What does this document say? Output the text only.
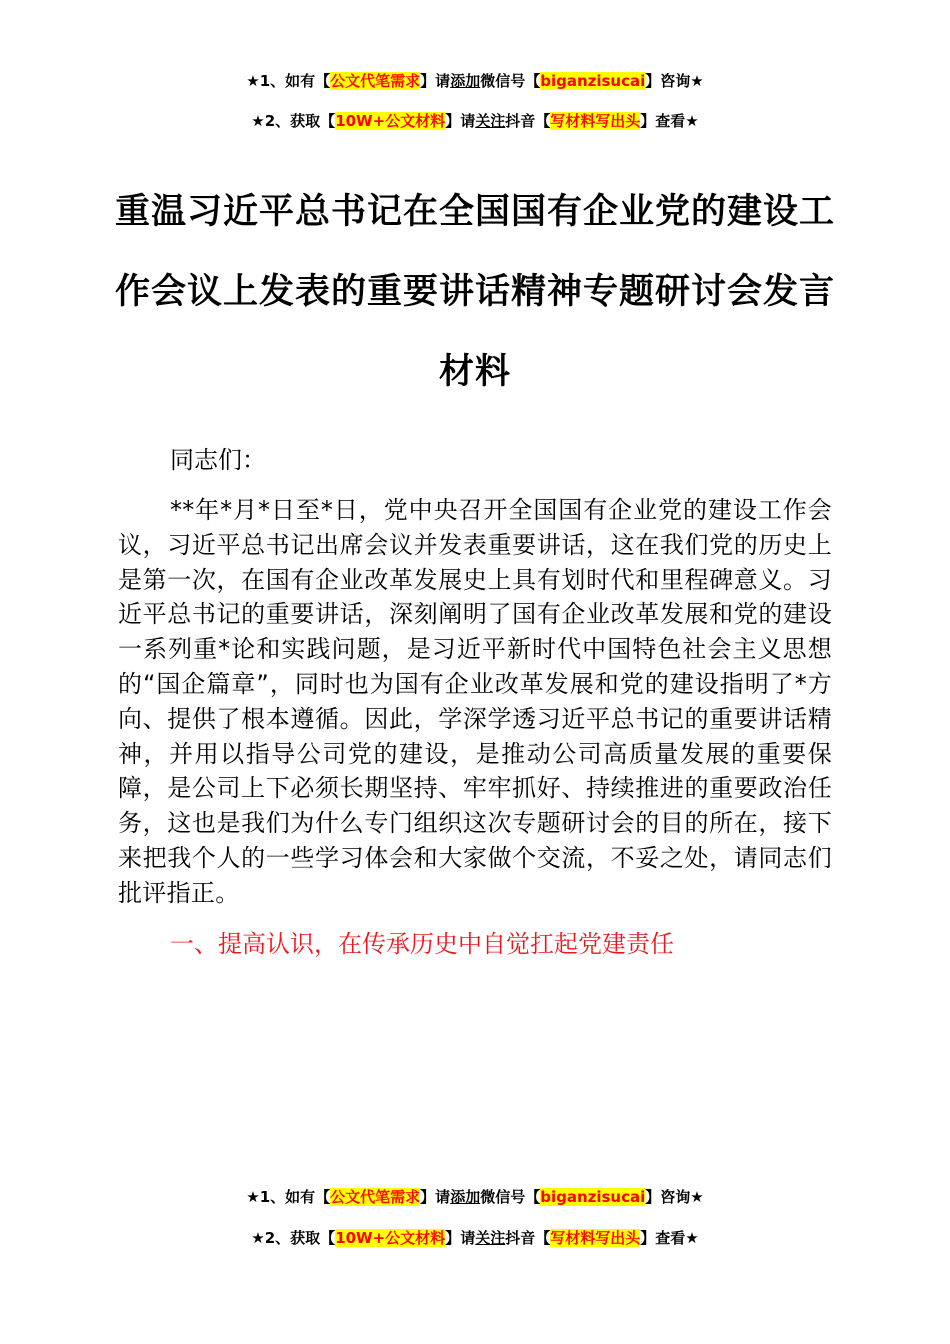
★1、如有【公文代笔需求】请添加微信号【biganzisucai】咨询★
★2、获取【10W+公文材料】请关注抖音【写材料写出头】查看★
重温习近平总书记在全国国有企业党的建设工作会议上发表的重要讲话精神专题研讨会发言材料
同志们：
**年*月*日至*日，党中央召开全国国有企业党的建设工作会议，习近平总书记出席会议并发表重要讲话，这在我们党的历史上是第一次，在国有企业改革发展史上具有划时代和里程碑意义。习近平总书记的重要讲话，深刻阐明了国有企业改革发展和党的建设一系列重*论和实践问题，是习近平新时代中国特色社会主义思想的“国企篇章”，同时也为国有企业改革发展和党的建设指明了*方向、提供了根本遵循。因此，学深学透习近平总书记的重要讲话精神，并用以指导公司党的建设，是推动公司高质量发展的重要保障，是公司上下必须长期坚持、牢牢抓好、持续推进的重要政治任务，这也是我们为什么专门组织这次专题研讨会的目的所在，接下来把我个人的一些学习体会和大家做个交流，不妥之处，请同志们批评指正。
一、提高认识，在传承历史中自觉扛起党建责任
★1、如有【公文代笔需求】请添加微信号【biganzisucai】咨询★
★2、获取【10W+公文材料】请关注抖音【写材料写出头】查看★
